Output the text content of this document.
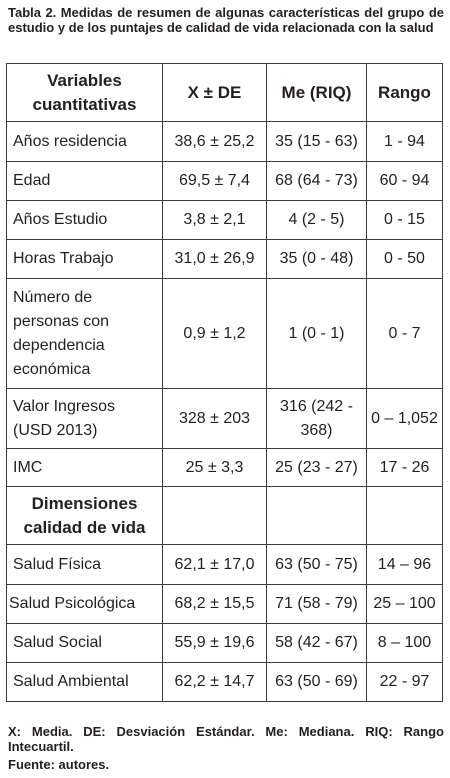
Tabla 2. Medidas de resumen de algunas características del grupo de estudio y de los puntajes de calidad de vida relacionada con la salud
Variables cuantitativas	X ± DE	Me (RIQ)	Rango
Años residencia	38,6 ± 25,2	35 (15 - 63)	1 - 94
Edad	69,5 ± 7,4	68 (64 - 73)	60 - 94
Años Estudio	3,8 ± 2,1	4 (2 - 5)	0 - 15
Horas Trabajo	31,0 ± 26,9	35 (0 - 48)	0 - 50
Número de personas con dependencia económica	0,9 ± 1,2	1 (0 - 1)	0 - 7
Valor Ingresos (USD 2013)	328 ± 203	316 (242 - 368)	0 – 1,052
IMC	25 ± 3,3	25 (23 - 27)	17 - 26
Dimensiones calidad de vida			
Salud Física	62,1 ± 17,0	63 (50 - 75)	14 – 96
Salud Psicológica	68,2 ± 15,5	71 (58 - 79)	25 – 100
Salud Social	55,9 ± 19,6	58 (42 - 67)	8 – 100
Salud Ambiental	62,2 ± 14,7	63 (50 - 69)	22 - 97
X: Media. DE: Desviación Estándar. Me: Mediana. RIQ: Rango Intecuartil.
Fuente: autores.
